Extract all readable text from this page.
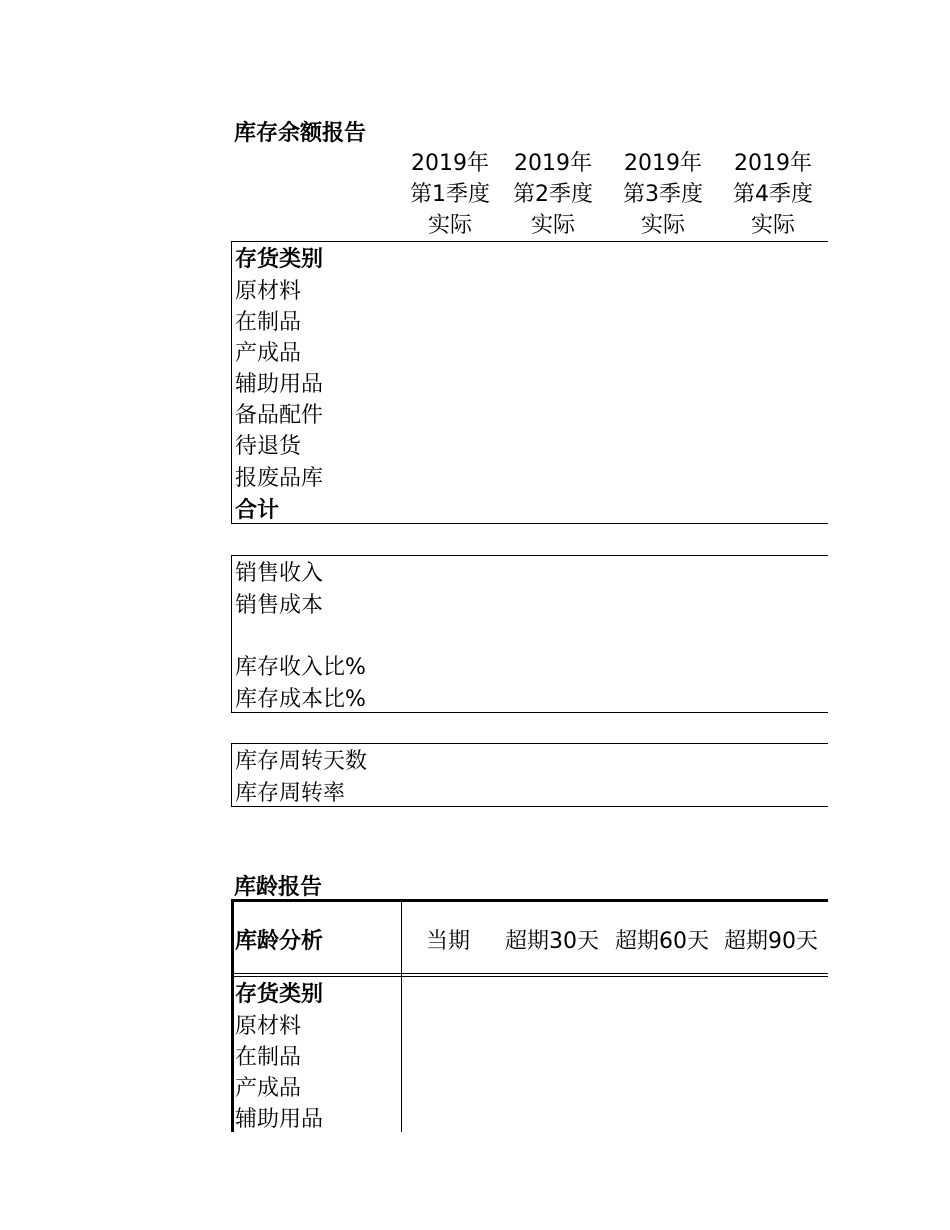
库存余额报告
2019年
第1季度
实际
2019年
第2季度
实际
2019年
第3季度
实际
2019年
第4季度
实际
存货类别
原材料
在制品
产成品
辅助用品
备品配件
待退货
报废品库
合计
销售收入
销售成本
库存收入比%
库存成本比%
库存周转天数
库存周转率
库龄报告
库龄分析	当期 超期30天 超期60天 超期90天
存货类别
原材料
在制品
产成品
辅助用品
